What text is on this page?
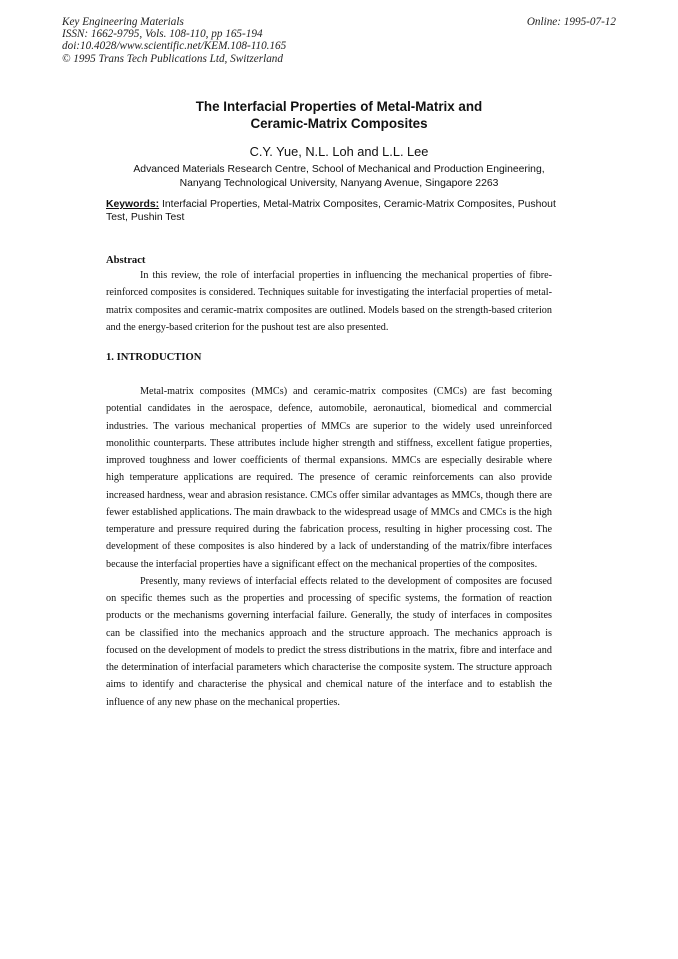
Key Engineering Materials
ISSN: 1662-9795, Vols. 108-110, pp 165-194
doi:10.4028/www.scientific.net/KEM.108-110.165
© 1995 Trans Tech Publications Ltd, Switzerland
Online: 1995-07-12
The Interfacial Properties of Metal-Matrix and
Ceramic-Matrix Composites
C.Y. Yue, N.L. Loh and L.L. Lee
Advanced Materials Research Centre, School of Mechanical and Production Engineering,
Nanyang Technological University, Nanyang Avenue, Singapore 2263
Keywords: Interfacial Properties, Metal-Matrix Composites, Ceramic-Matrix Composites, Pushout Test, Pushin Test
Abstract
In this review, the role of interfacial properties in influencing the mechanical properties of fibre-reinforced composites is considered. Techniques suitable for investigating the interfacial properties of metal-matrix composites and ceramic-matrix composites are outlined. Models based on the strength-based criterion and the energy-based criterion for the pushout test are also presented.
1. INTRODUCTION

Metal-matrix composites (MMCs) and ceramic-matrix composites (CMCs) are fast becoming potential candidates in the aerospace, defence, automobile, aeronautical, biomedical and commercial industries. The various mechanical properties of MMCs are superior to the widely used unreinforced monolithic counterparts. These attributes include higher strength and stiffness, excellent fatigue properties, improved toughness and lower coefficients of thermal expansions. MMCs are especially desirable where high temperature applications are required. The presence of ceramic reinforcements can also provide increased hardness, wear and abrasion resistance. CMCs offer similar advantages as MMCs, though there are fewer established applications. The main drawback to the widespread usage of MMCs and CMCs is the high temperature and pressure required during the fabrication process, resulting in higher processing cost. The development of these composites is also hindered by a lack of understanding of the matrix/fibre interfaces because the interfacial properties have a significant effect on the mechanical properties of the composites.

Presently, many reviews of interfacial effects related to the development of composites are focused on specific themes such as the properties and processing of specific systems, the formation of reaction products or the mechanisms governing interfacial failure. Generally, the study of interfaces in composites can be classified into the mechanics approach and the structure approach. The mechanics approach is focused on the development of models to predict the stress distributions in the matrix, fibre and interface and the determination of interfacial parameters which characterise the composite system. The structure approach aims to identify and characterise the physical and chemical nature of the interface and to establish the influence of any new phase on the mechanical properties.
